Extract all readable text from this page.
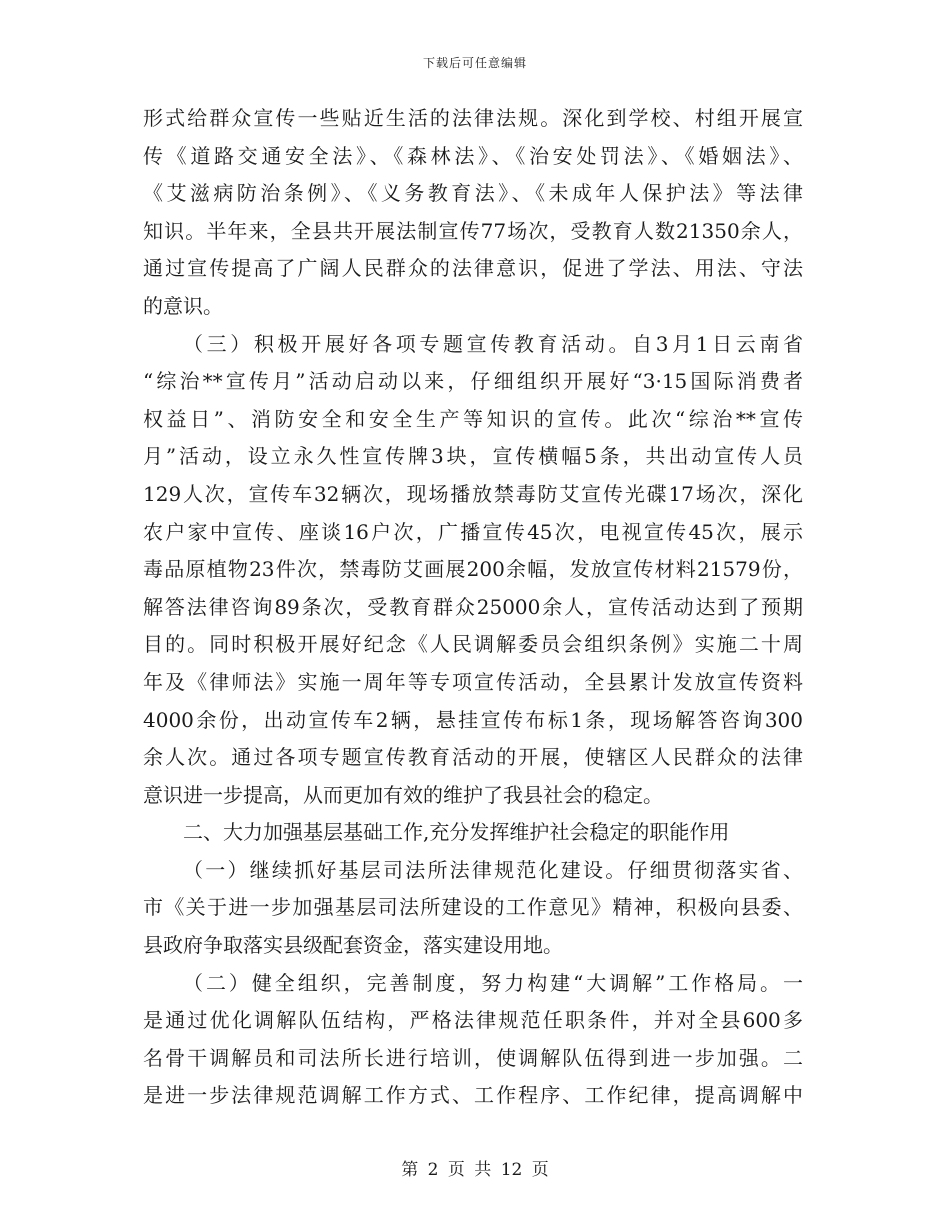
下载后可任意编辑
形式给群众宣传一些贴近生活的法律法规。深化到学校、村组开展宣
传《道路交通安全法》、《森林法》、《治安处罚法》、《婚姻法》、
《艾滋病防治条例》、《义务教育法》、《未成年人保护法》等法律
知识。半年来，全县共开展法制宣传77场次，受教育人数21350余人，
通过宣传提高了广阔人民群众的法律意识，促进了学法、用法、守法
的意识。
（三）积极开展好各项专题宣传教育活动。自3月1日云南省
“综治**宣传月”活动启动以来，仔细组织开展好“3·15国际消费者
权益日”、消防安全和安全生产等知识的宣传。此次“综治**宣传
月”活动，设立永久性宣传牌3块，宣传横幅5条，共出动宣传人员
129人次，宣传车32辆次，现场播放禁毒防艾宣传光碟17场次，深化
农户家中宣传、座谈16户次，广播宣传45次，电视宣传45次，展示
毒品原植物23件次，禁毒防艾画展200余幅，发放宣传材料21579份，
解答法律咨询89条次，受教育群众25000余人，宣传活动达到了预期
目的。同时积极开展好纪念《人民调解委员会组织条例》实施二十周
年及《律师法》实施一周年等专项宣传活动，全县累计发放宣传资料
4000余份，出动宣传车2辆，悬挂宣传布标1条，现场解答咨询300
余人次。通过各项专题宣传教育活动的开展，使辖区人民群众的法律
意识进一步提高，从而更加有效的维护了我县社会的稳定。
二、大力加强基层基础工作,充分发挥维护社会稳定的职能作用
（一）继续抓好基层司法所法律规范化建设。仔细贯彻落实省、
市《关于进一步加强基层司法所建设的工作意见》精神，积极向县委、
县政府争取落实县级配套资金，落实建设用地。
（二）健全组织，完善制度，努力构建“大调解”工作格局。一
是通过优化调解队伍结构，严格法律规范任职条件，并对全县600多
名骨干调解员和司法所长进行培训，使调解队伍得到进一步加强。二
是进一步法律规范调解工作方式、工作程序、工作纪律，提高调解中
第 2 页 共 12 页
